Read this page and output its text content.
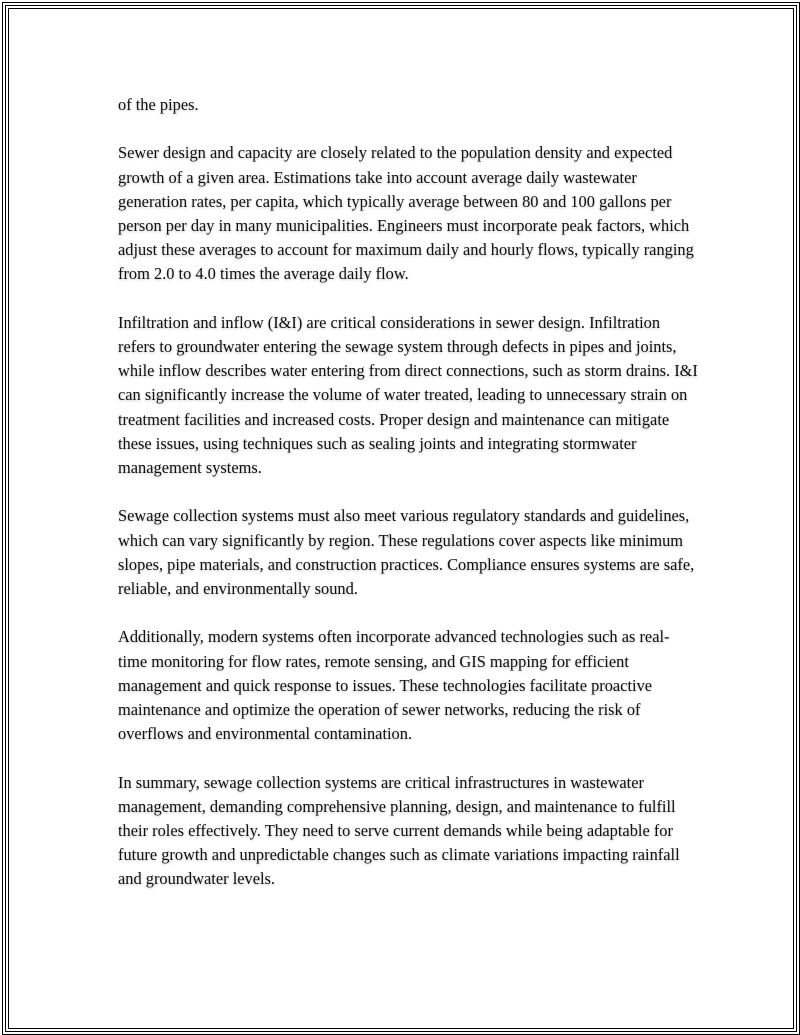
of the pipes.

Sewer design and capacity are closely related to the population density and expected growth of a given area. Estimations take into account average daily wastewater generation rates, per capita, which typically average between 80 and 100 gallons per person per day in many municipalities. Engineers must incorporate peak factors, which adjust these averages to account for maximum daily and hourly flows, typically ranging from 2.0 to 4.0 times the average daily flow.

Infiltration and inflow (I&I) are critical considerations in sewer design. Infiltration refers to groundwater entering the sewage system through defects in pipes and joints, while inflow describes water entering from direct connections, such as storm drains. I&I can significantly increase the volume of water treated, leading to unnecessary strain on treatment facilities and increased costs. Proper design and maintenance can mitigate these issues, using techniques such as sealing joints and integrating stormwater management systems.

Sewage collection systems must also meet various regulatory standards and guidelines, which can vary significantly by region. These regulations cover aspects like minimum slopes, pipe materials, and construction practices. Compliance ensures systems are safe, reliable, and environmentally sound.

Additionally, modern systems often incorporate advanced technologies such as real-time monitoring for flow rates, remote sensing, and GIS mapping for efficient management and quick response to issues. These technologies facilitate proactive maintenance and optimize the operation of sewer networks, reducing the risk of overflows and environmental contamination.

In summary, sewage collection systems are critical infrastructures in wastewater management, demanding comprehensive planning, design, and maintenance to fulfill their roles effectively. They need to serve current demands while being adaptable for future growth and unpredictable changes such as climate variations impacting rainfall and groundwater levels.
